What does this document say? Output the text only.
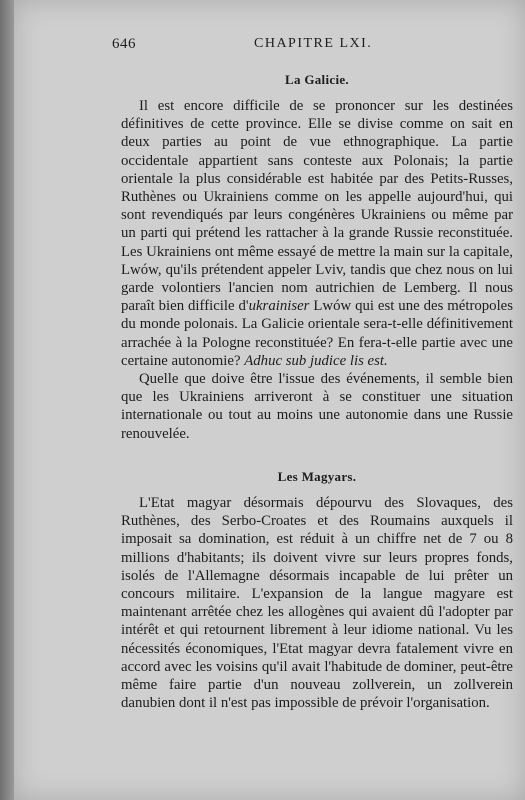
646	CHAPITRE LXI.
La Galicie.

Il est encore difficile de se prononcer sur les destinées définitives de cette province. Elle se divise comme on sait en deux parties au point de vue ethnographique. La partie occidentale appartient sans conteste aux Polonais; la partie orientale la plus considérable est habitée par des Petits-Russes, Ruthènes ou Ukrainiens comme on les appelle aujourd'hui, qui sont revendiqués par leurs congénères Ukrainiens ou même par un parti qui prétend les rattacher à la grande Russie reconstituée. Les Ukrainiens ont même essayé de mettre la main sur la capitale, Lwów, qu'ils prétendent appeler Lviv, tandis que chez nous on lui garde volontiers l'ancien nom autrichien de Lemberg. Il nous paraît bien difficile d'ukrainiser Lwów qui est une des métropoles du monde polonais. La Galicie orientale sera-t-elle définitivement arrachée à la Pologne reconstituée? En fera-t-elle partie avec une certaine autonomie? Adhuc sub judice lis est.

Quelle que doive être l'issue des événements, il semble bien que les Ukrainiens arriveront à se constituer une situation internationale ou tout au moins une autonomie dans une Russie renouvelée.

Les Magyars.

L'Etat magyar désormais dépourvu des Slovaques, des Ruthènes, des Serbo-Croates et des Roumains auxquels il imposait sa domination, est réduit à un chiffre net de 7 ou 8 millions d'habitants; ils doivent vivre sur leurs propres fonds, isolés de l'Allemagne désormais incapable de lui prêter un concours militaire. L'expansion de la langue magyare est maintenant arrêtée chez les allogènes qui avaient dû l'adopter par intérêt et qui retournent librement à leur idiome national. Vu les nécessités économiques, l'Etat magyar devra fatalement vivre en accord avec les voisins qu'il avait l'habitude de dominer, peut-être même faire partie d'un nouveau zollverein, un zollverein danubien dont il n'est pas impossible de prévoir l'organisation.
